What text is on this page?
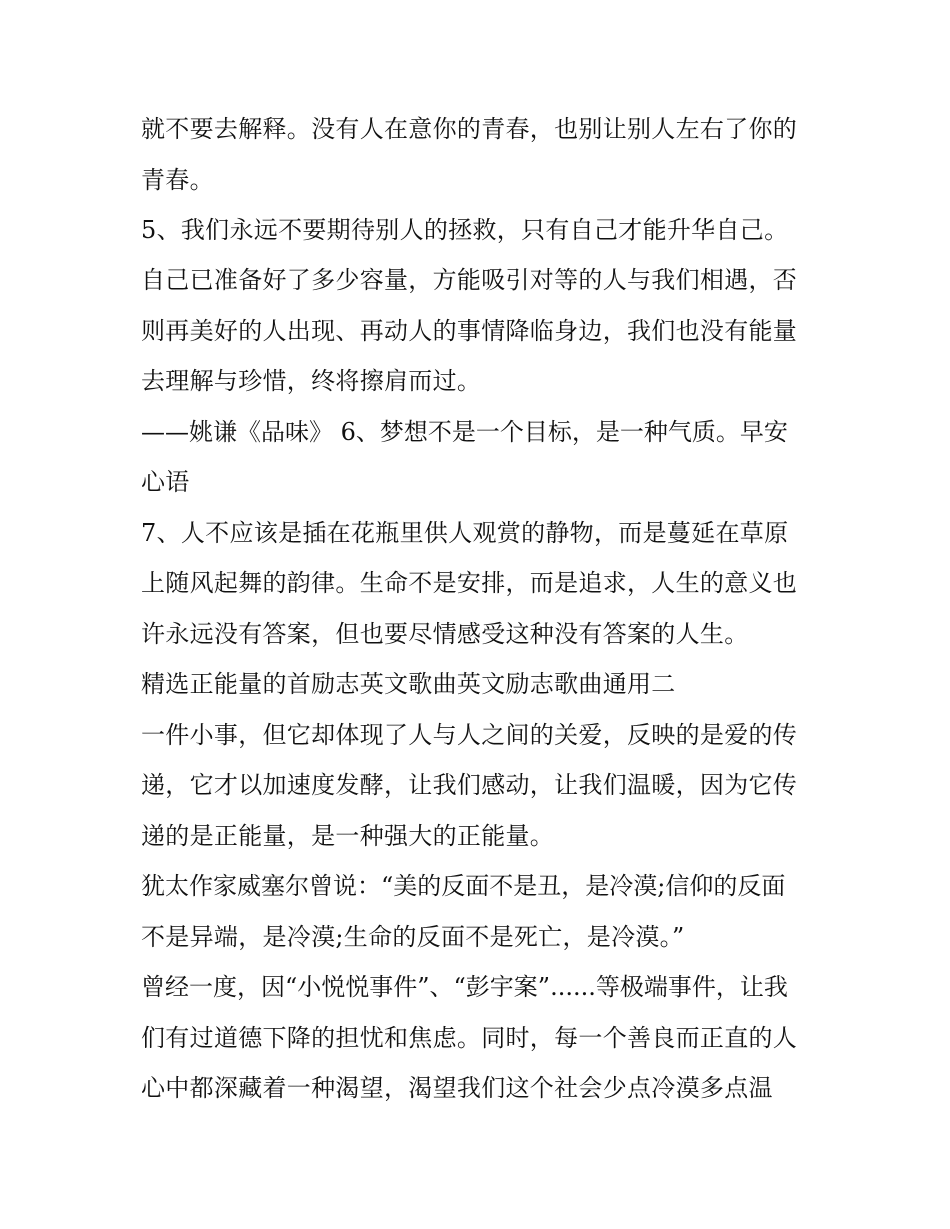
就不要去解释。没有人在意你的青春，也别让别人左右了你的
青春。
5、我们永远不要期待别人的拯救，只有自己才能升华自己。
自己已准备好了多少容量，方能吸引对等的人与我们相遇，否
则再美好的人出现、再动人的事情降临身边，我们也没有能量
去理解与珍惜，终将擦肩而过。
——姚谦《品味》 6、梦想不是一个目标，是一种气质。早安
心语
7、人不应该是插在花瓶里供人观赏的静物，而是蔓延在草原
上随风起舞的韵律。生命不是安排，而是追求，人生的意义也
许永远没有答案，但也要尽情感受这种没有答案的人生。
精选正能量的首励志英文歌曲英文励志歌曲通用二
一件小事，但它却体现了人与人之间的关爱，反映的是爱的传
递，它才以加速度发酵，让我们感动，让我们温暖，因为它传
递的是正能量，是一种强大的正能量。
犹太作家威塞尔曾说：“美的反面不是丑，是冷漠;信仰的反面
不是异端，是冷漠;生命的反面不是死亡，是冷漠。”
曾经一度，因“小悦悦事件”、“彭宇案”......等极端事件，让我
们有过道德下降的担忧和焦虑。同时，每一个善良而正直的人
心中都深藏着一种渴望，渴望我们这个社会少点冷漠多点温
